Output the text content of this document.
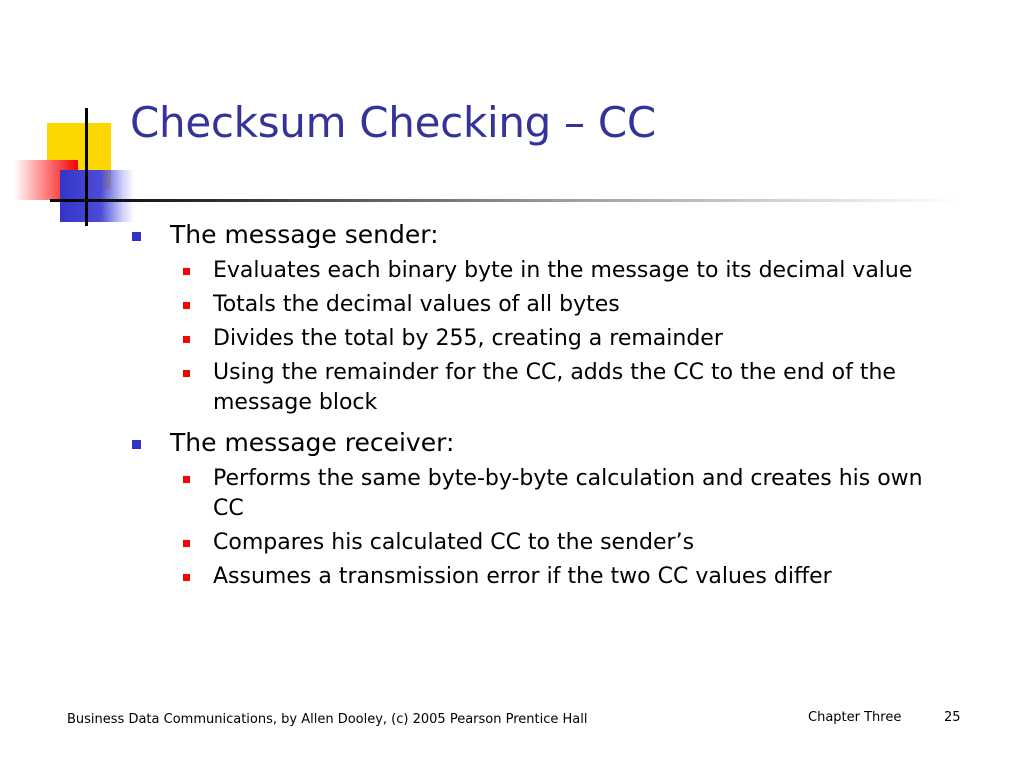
Checksum Checking – CC
The message sender:
Evaluates each binary byte in the message to its decimal value
Totals the decimal values of all bytes
Divides the total by 255, creating a remainder
Using the remainder for the CC, adds the CC to the end of the message block
The message receiver:
Performs the same byte-by-byte calculation and creates his own CC
Compares his calculated CC to the sender’s
Assumes a transmission error if the two CC values differ
Business Data Communications, by Allen Dooley, (c) 2005 Pearson Prentice Hall	Chapter Three	25
